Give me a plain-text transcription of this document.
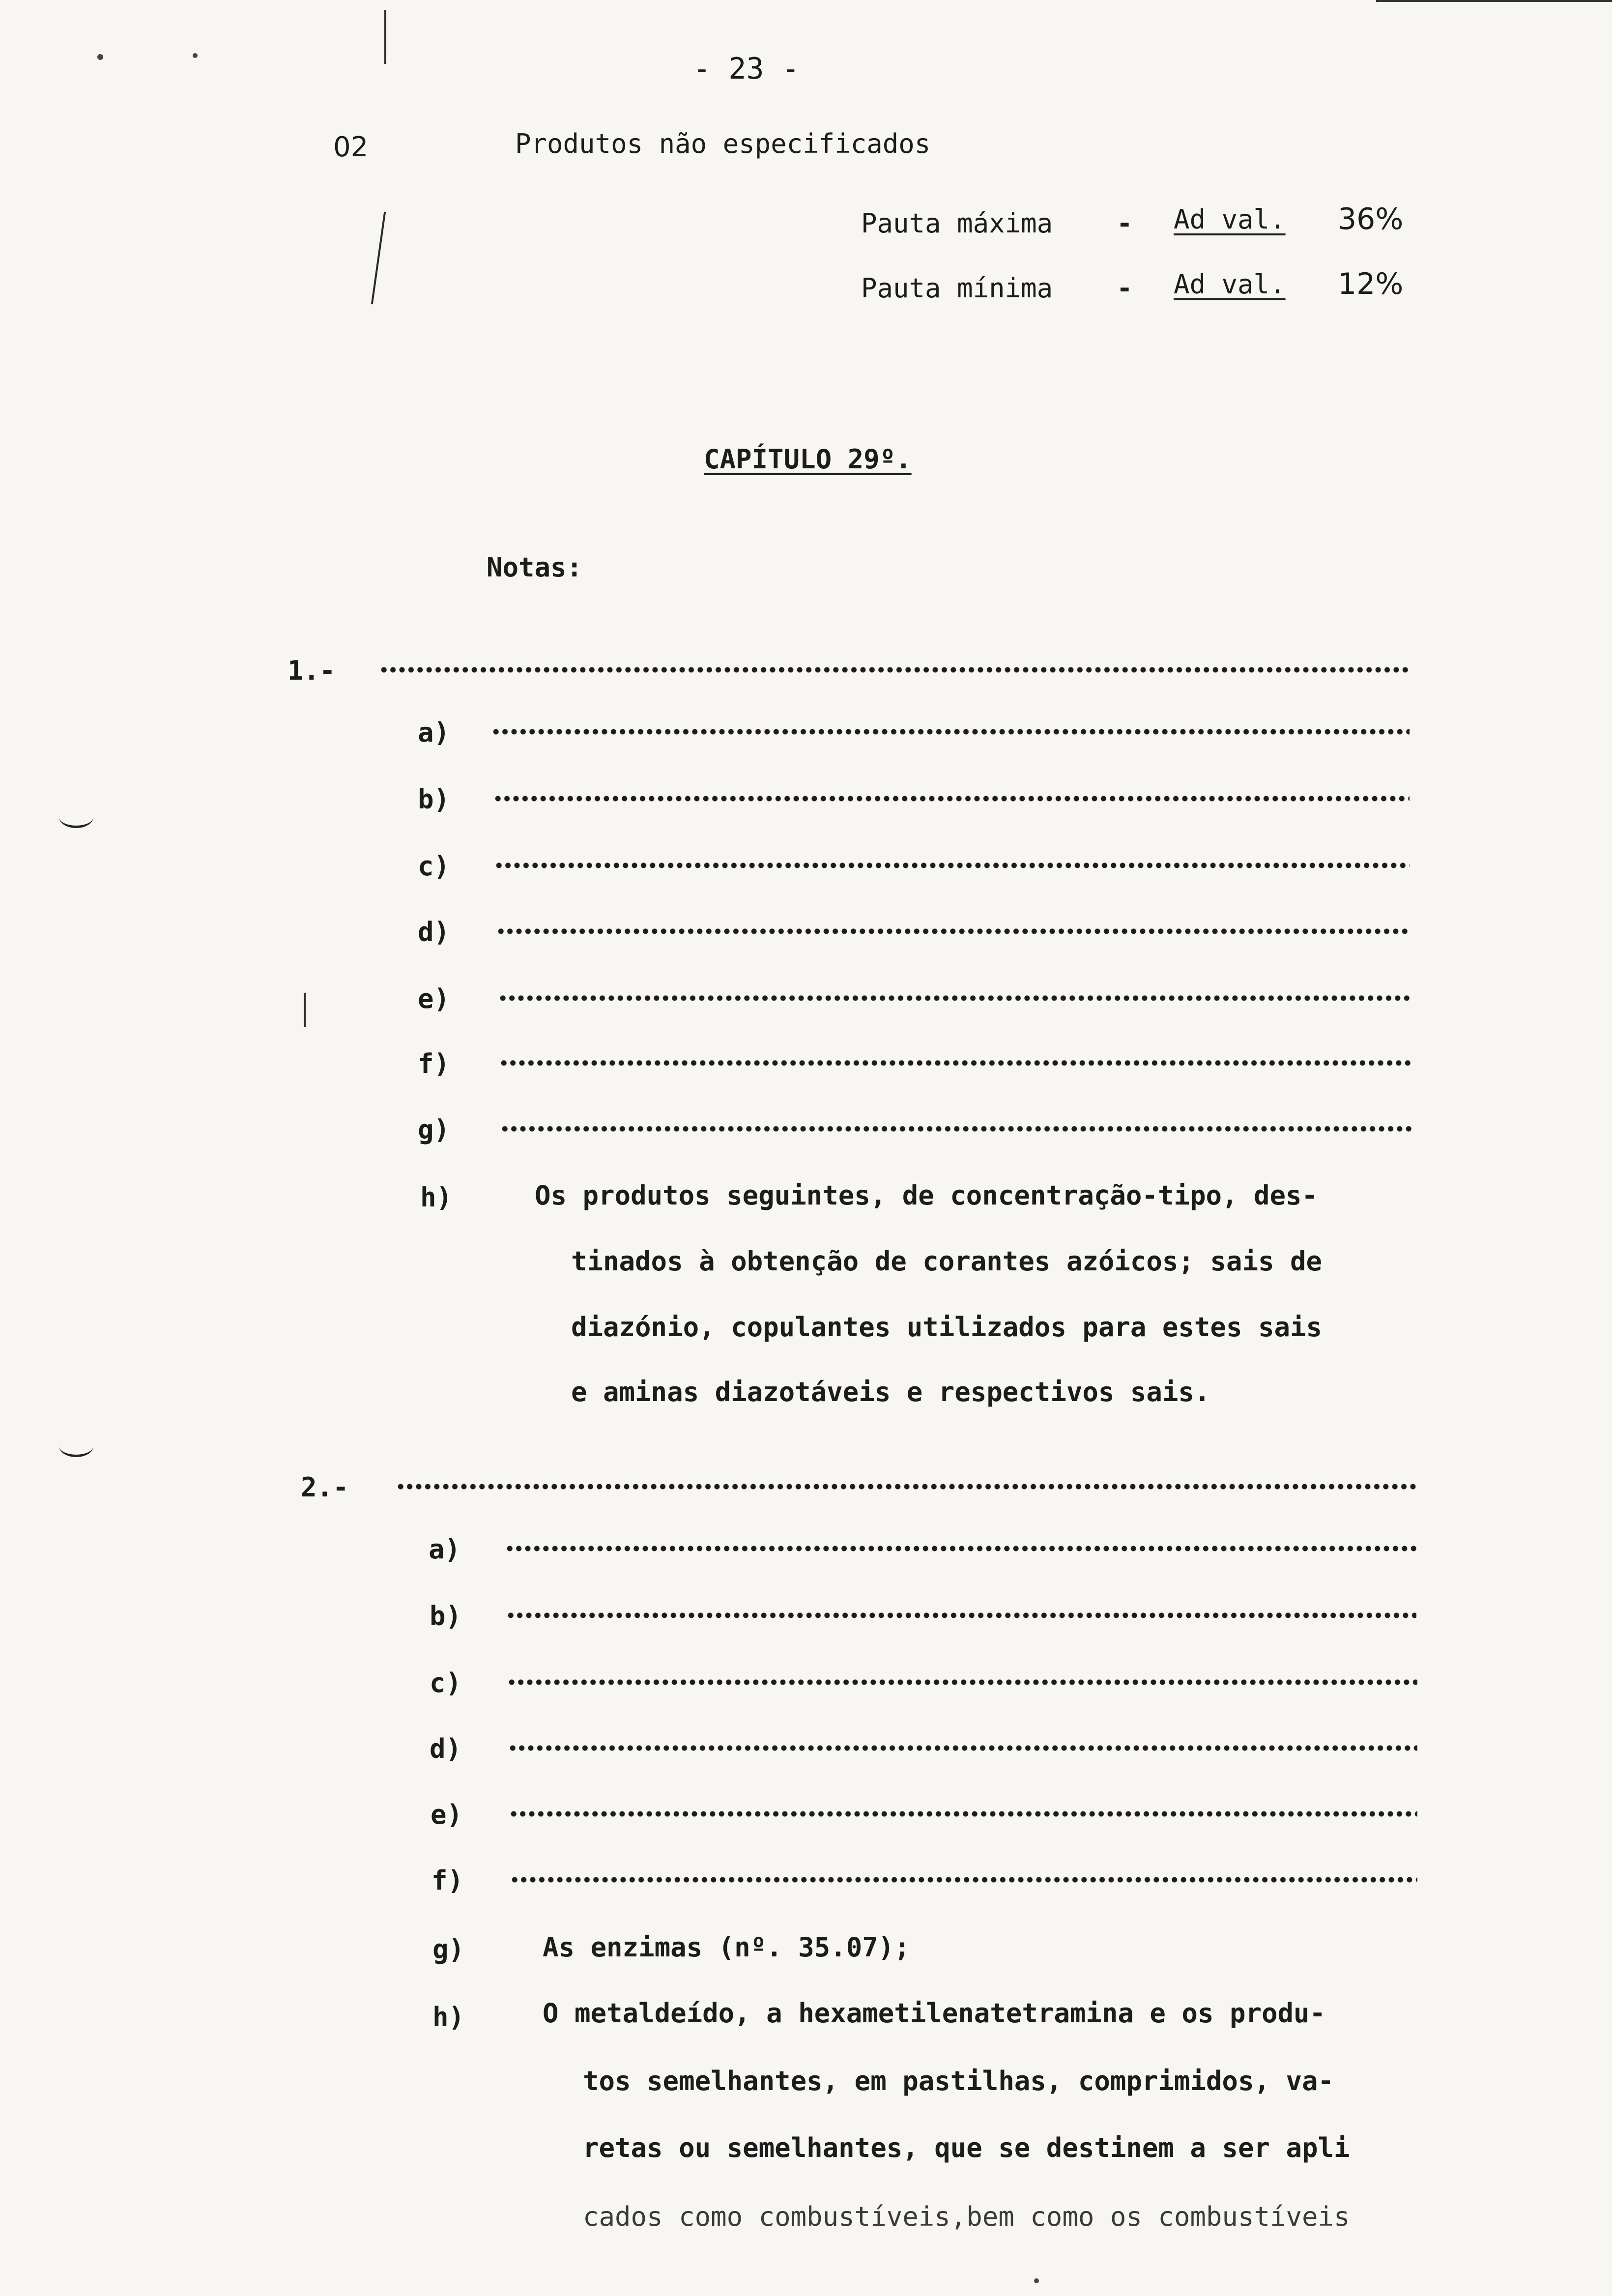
- 23 -
02	Produtos não especificados
Pauta máxima - Ad val. 36%
Pauta mínima - Ad val. 12%
CAPÍTULO 29º.
Notas:
1.-
a)
b)
c)
d)
e)
f)
g)
h)	Os produtos seguintes, de concentração-tipo, des-
tinados à obtenção de corantes azóicos; sais de
diazónio, copulantes utilizados para estes sais
e aminas diazotáveis e respectivos sais.
2.-
a)
b)
c)
d)
e)
f)
g)	As enzimas (nº. 35.07);
h)	O metaldeído, a hexametilenatetramina e os produ-
tos semelhantes, em pastilhas, comprimidos, va-
retas ou semelhantes, que se destinem a ser apli
cados como combustíveis,bem como os combustíveis
